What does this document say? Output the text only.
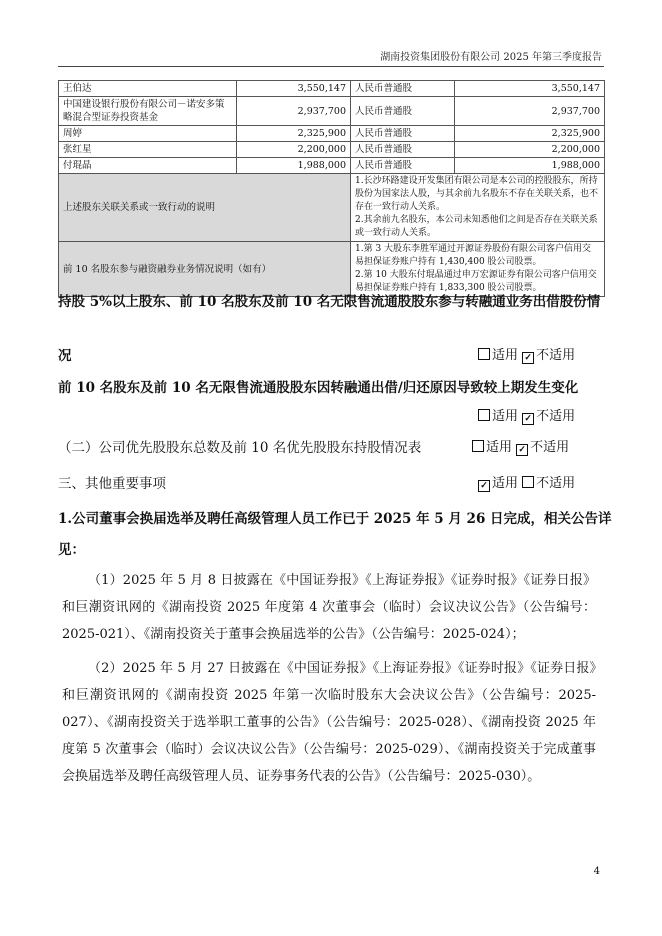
湖南投资集团股份有限公司 2025 年第三季度报告
王伯达	3,550,147	人民币普通股	3,550,147
中国建设银行股份有限公司－诺安多策略混合型证券投资基金	2,937,700	人民币普通股	2,937,700
周婷	2,325,900	人民币普通股	2,325,900
张红星	2,200,000	人民币普通股	2,200,000
付琨晶	1,988,000	人民币普通股	1,988,000
上述股东关联关系或一致行动的说明		1.长沙环路建设开发集团有限公司是本公司的控股股东，所持股份为国家法人股，与其余前九名股东不存在关联关系，也不存在一致行动人关系。
2.其余前九名股东，本公司未知悉他们之间是否存在关联关系或一致行动人关系。	

前 10 名股东参与融资融券业务情况说明（如有）		1.第 3 大股东李胜军通过开源证券股份有限公司客户信用交易担保证券账户持有 1,430,400 股公司股票。
2.第 10 大股东付琨晶通过申万宏源证券有限公司客户信用交易担保证券账户持有 1,833,300 股公司股票。	
持股 5%以上股东、前 10 名股东及前 10 名无限售流通股股东参与转融通业务出借股份情
况	适用 ✓ 不适用
前 10 名股东及前 10 名无限售流通股股东因转融通出借/归还原因导致较上期发生变化
适用 ✓ 不适用
（二）公司优先股股东总数及前 10 名优先股股东持股情况表	适用 ✓ 不适用
三、其他重要事项	✓ 适用 不适用
1.公司董事会换届选举及聘任高级管理人员工作已于 2025 年 5 月 26 日完成，相关公告详
见：
（1）2025 年 5 月 8 日披露在《中国证券报》《上海证券报》《证券时报》《证券日报》和巨潮资讯网的《湖南投资 2025 年度第 4 次董事会（临时）会议决议公告》（公告编号：2025-021）、《湖南投资关于董事会换届选举的公告》（公告编号：2025-024）；
（2）2025 年 5 月 27 日披露在《中国证券报》《上海证券报》《证券时报》《证券日报》和巨潮资讯网的《湖南投资 2025 年第一次临时股东大会决议公告》（公告编号：2025-027）、《湖南投资关于选举职工董事的公告》（公告编号：2025-028）、《湖南投资 2025 年度第 5 次董事会（临时）会议决议公告》（公告编号：2025-029）、《湖南投资关于完成董事会换届选举及聘任高级管理人员、证券事务代表的公告》（公告编号：2025-030）。
4
